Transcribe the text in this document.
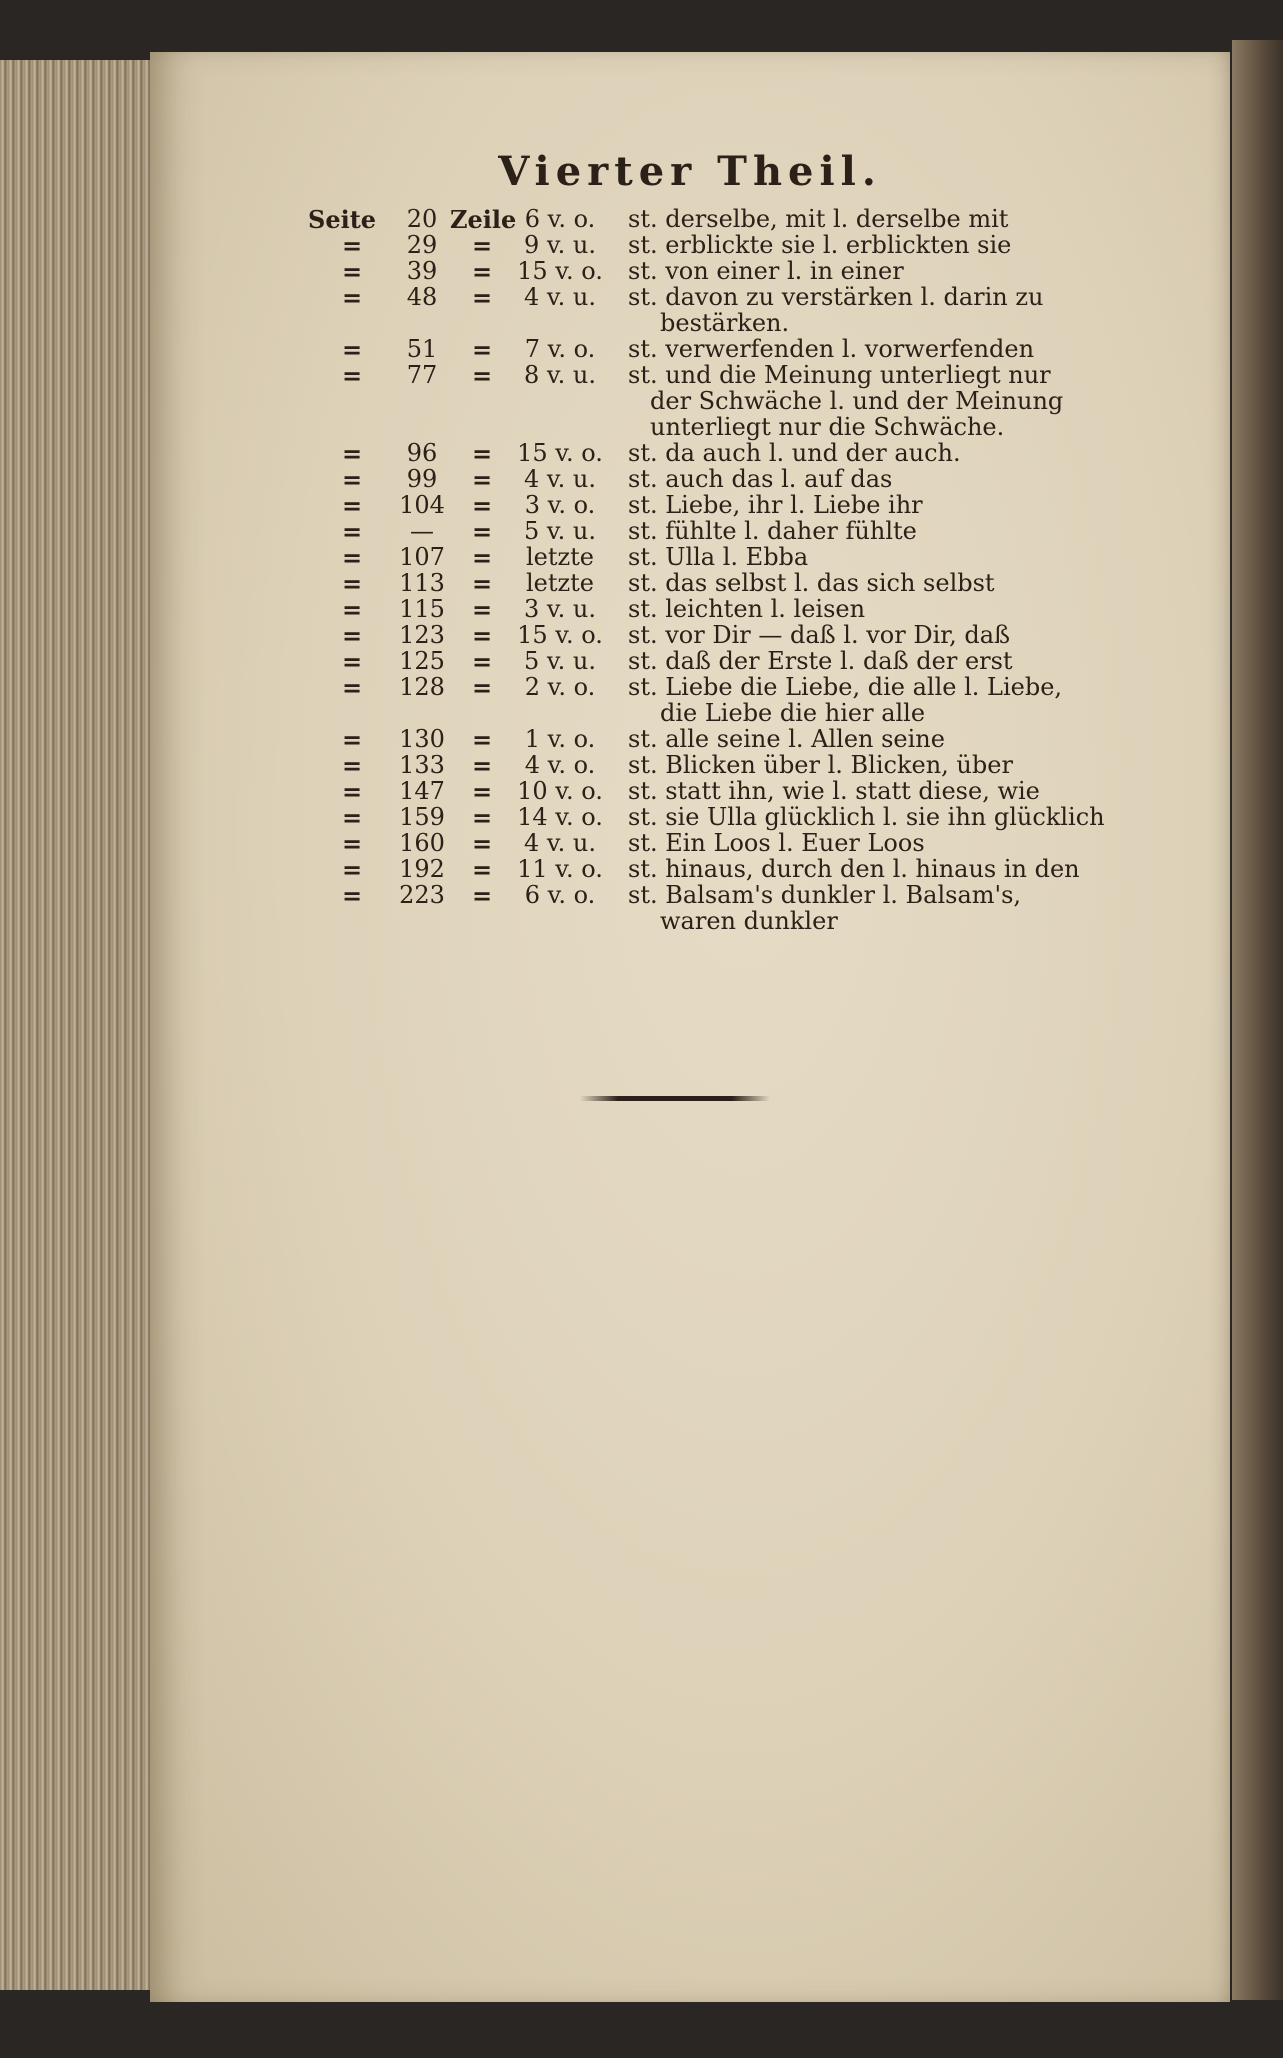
Vierter Theil.
Seite	20 Zeile 6 v. o.	st. derselbe, mit l. derselbe mit
=	29	=	9 v. u.	st. erblickte sie l. erblickten sie
=	39	=	15 v. o.	st. von einer l. in einer
=	48	=	4 v. u.	st. davon zu verstärken l. darin zu
bestärken.
=	51	=	7 v. o.	st. verwerfenden l. vorwerfenden
=	77	=	8 v. u.	st. und die Meinung unterliegt nur
der Schwäche l. und der Meinung
unterliegt nur die Schwäche.
=	96	=	15 v. o.	st. da auch l. und der auch.
=	99	=	4 v. u.	st. auch das l. auf das
=	104	=	3 v. o.	st. Liebe, ihr l. Liebe ihr
=	—	=	5 v. u.	st. fühlte l. daher fühlte
=	107	=	letzte	st. Ulla l. Ebba
=	113	=	letzte	st. das selbst l. das sich selbst
=	115	=	3 v. u.	st. leichten l. leisen
=	123	=	15 v. o.	st. vor Dir — daß l. vor Dir, daß
=	125	=	5 v. u.	st. daß der Erste l. daß der erst
=	128	=	2 v. o.	st. Liebe die Liebe, die alle l. Liebe,
die Liebe die hier alle
=	130	=	1 v. o.	st. alle seine l. Allen seine
=	133	=	4 v. o.	st. Blicken über l. Blicken, über
=	147	=	10 v. o.	st. statt ihn, wie l. statt diese, wie
=	159	=	14 v. o.	st. sie Ulla glücklich l. sie ihn glücklich
=	160	=	4 v. u.	st. Ein Loos l. Euer Loos
=	192	=	11 v. o.	st. hinaus, durch den l. hinaus in den
=	223	=	6 v. o.	st. Balsam's dunkler l. Balsam's,
waren dunkler
